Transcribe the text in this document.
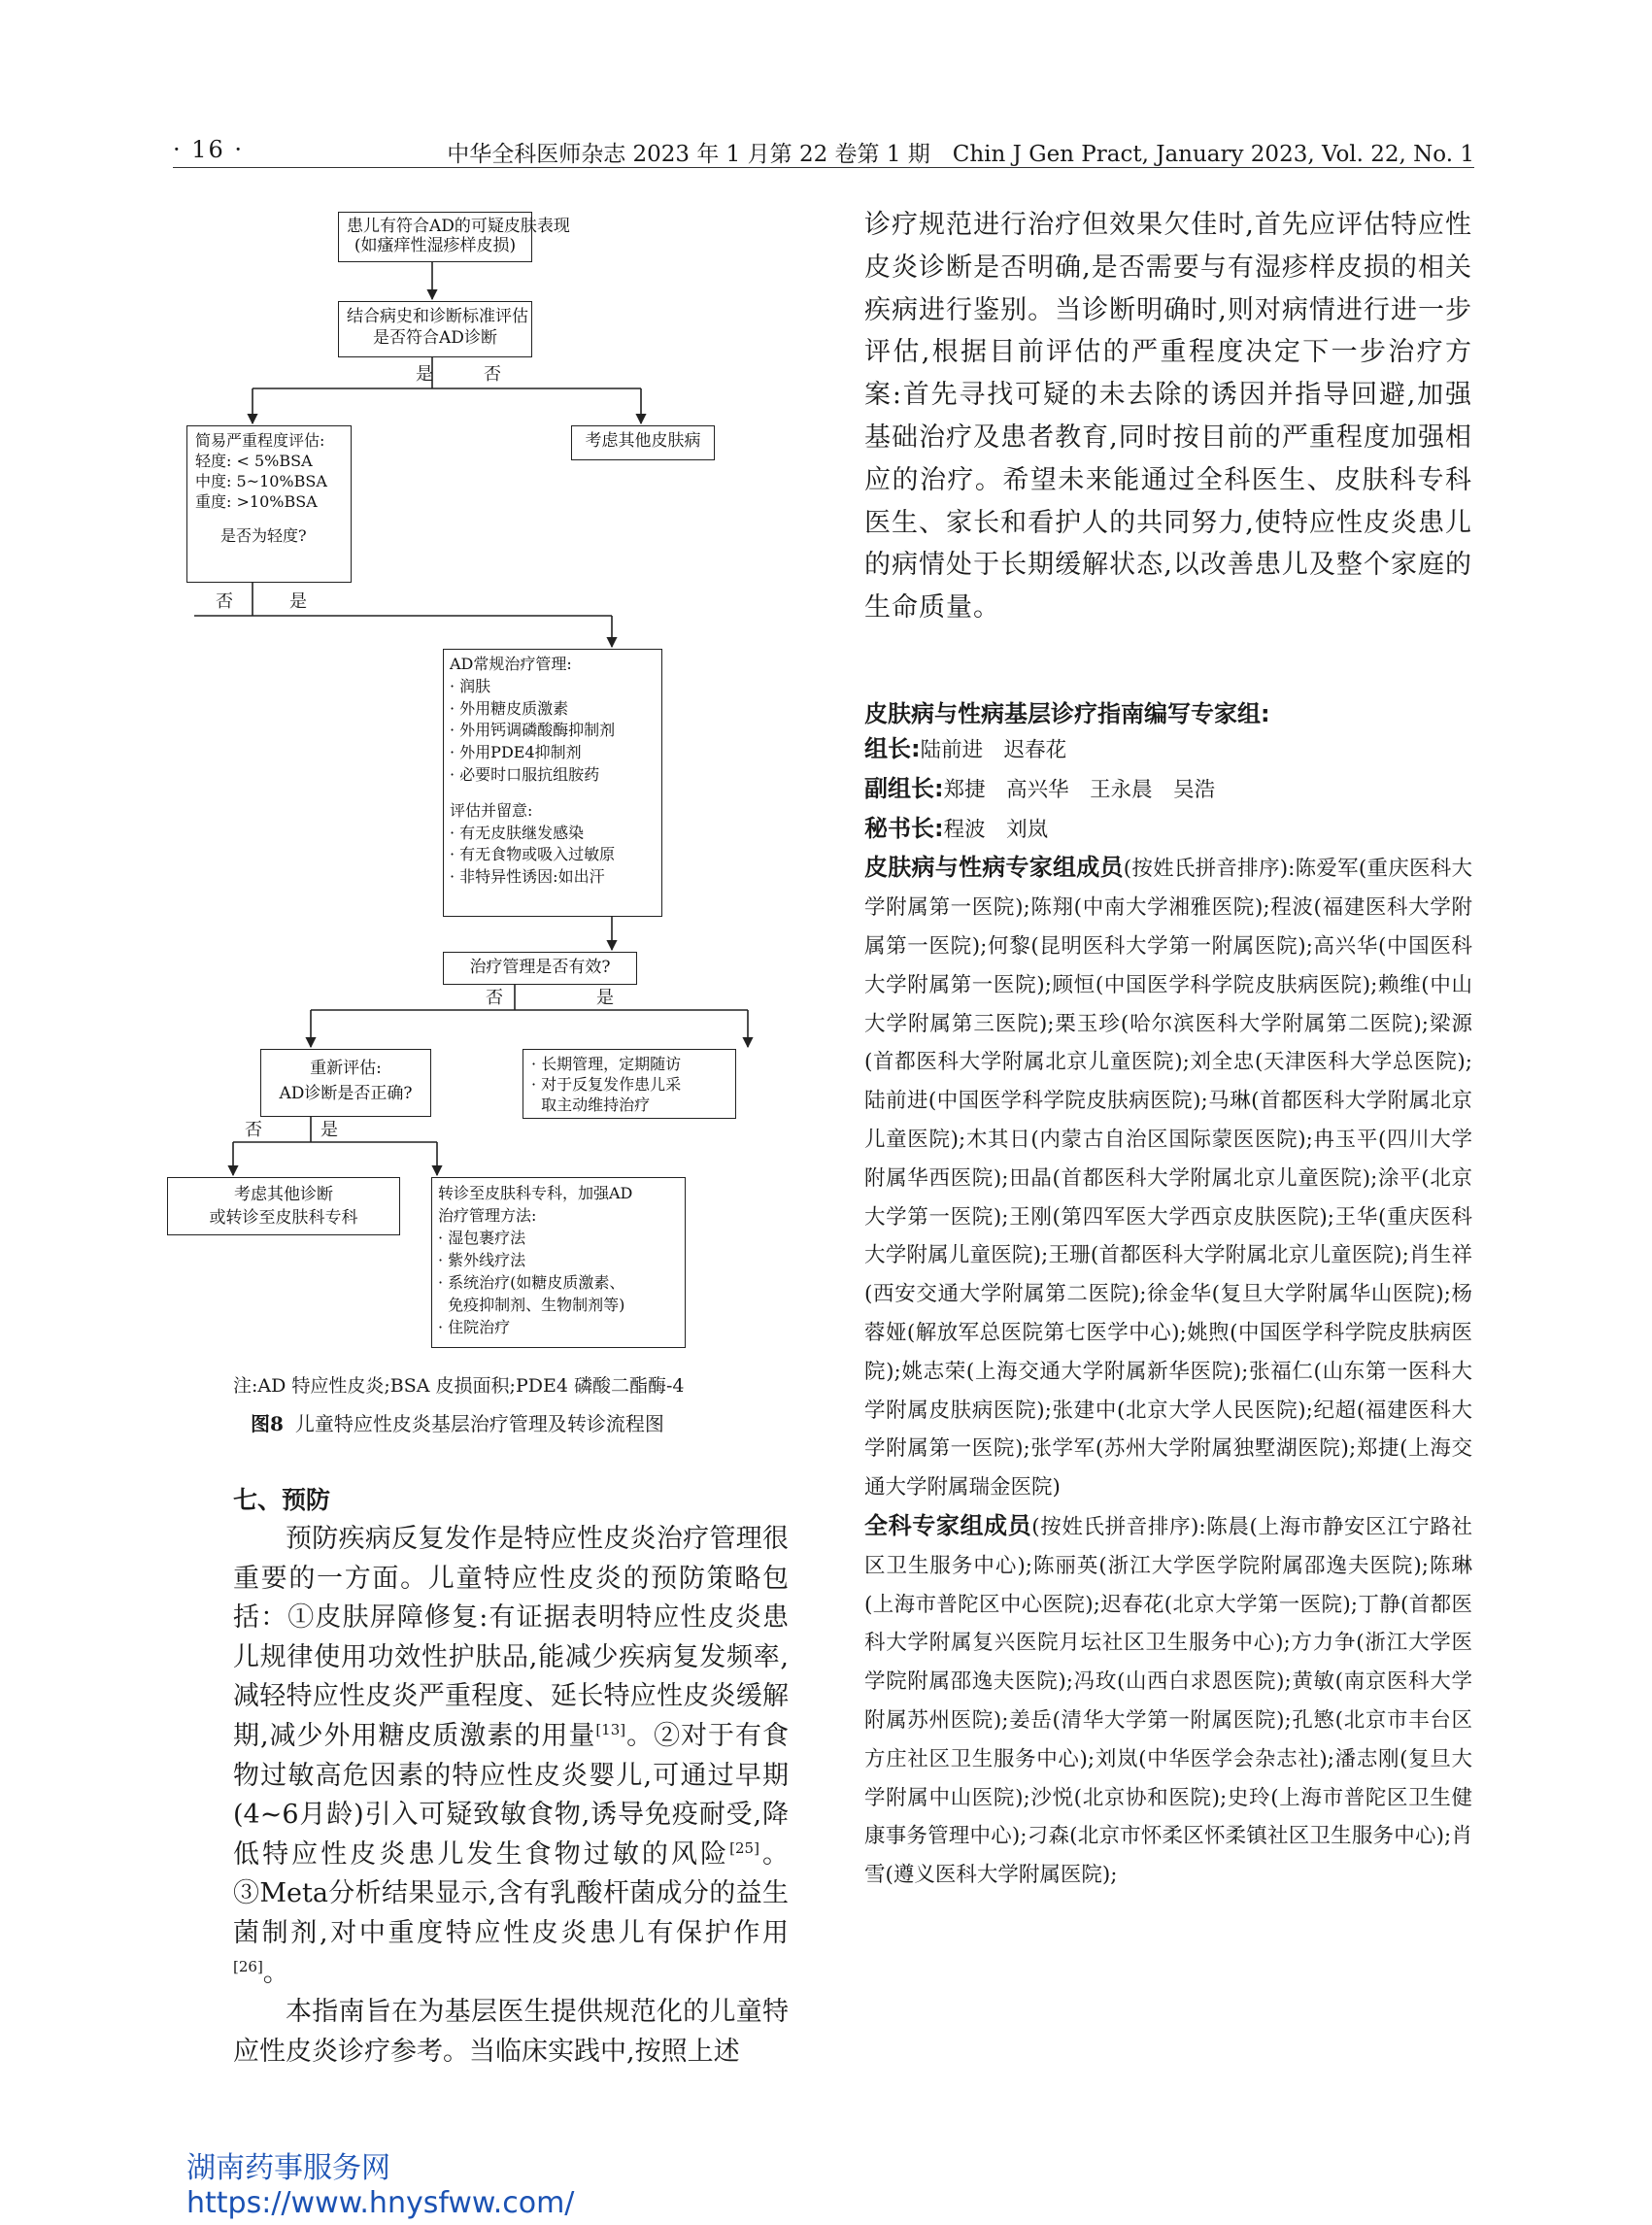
· 16 ·	中华全科医师杂志 2023 年 1 月第 22 卷第 1 期　Chin J Gen Pract, January 2023, Vol. 22, No. 1
患儿有符合AD的可疑皮肤表现
(如瘙痒性湿疹样皮损)
结合病史和诊断标准评估
是否符合AD诊断
是	否
简易严重程度评估:
轻度: < 5%BSA
中度: 5~10%BSA
重度: >10%BSA
是否为轻度?
考虑其他皮肤病
否	是
AD常规治疗管理:
· 润肤
· 外用糖皮质激素
· 外用钙调磷酸酶抑制剂
· 外用PDE4抑制剂
· 必要时口服抗组胺药
评估并留意:
· 有无皮肤继发感染
· 有无食物或吸入过敏原
· 非特异性诱因:如出汗
治疗管理是否有效?
否	是
重新评估:
AD诊断是否正确?
· 长期管理，定期随访
· 对于反复发作患儿采
取主动维持治疗
否	是
考虑其他诊断
或转诊至皮肤科专科
转诊至皮肤科专科，加强AD
治疗管理方法:
· 湿包裹疗法
· 紫外线疗法
· 系统治疗(如糖皮质激素、
免疫抑制剂、生物制剂等)
· 住院治疗
注:AD 特应性皮炎;BSA 皮损面积;PDE4 磷酸二酯酶-4
图8 儿童特应性皮炎基层治疗管理及转诊流程图
七、预防

预防疾病反复发作是特应性皮炎治疗管理很重要的一方面。儿童特应性皮炎的预防策略包括：①皮肤屏障修复:有证据表明特应性皮炎患儿规律使用功效性护肤品,能减少疾病复发频率,减轻特应性皮炎严重程度、延长特应性皮炎缓解期,减少外用糖皮质激素的用量[13]。②对于有食物过敏高危因素的特应性皮炎婴儿,可通过早期(4~6月龄)引入可疑致敏食物,诱导免疫耐受,降低特应性皮炎患儿发生食物过敏的风险[25]。③Meta分析结果显示,含有乳酸杆菌成分的益生菌制剂,对中重度特应性皮炎患儿有保护作用[26]。

本指南旨在为基层医生提供规范化的儿童特应性皮炎诊疗参考。当临床实践中,按照上述

诊疗规范进行治疗但效果欠佳时,首先应评估特应性皮炎诊断是否明确,是否需要与有湿疹样皮损的相关疾病进行鉴别。当诊断明确时,则对病情进行进一步评估,根据目前评估的严重程度决定下一步治疗方案:首先寻找可疑的未去除的诱因并指导回避,加强基础治疗及患者教育,同时按目前的严重程度加强相应的治疗。希望未来能通过全科医生、皮肤科专科医生、家长和看护人的共同努力,使特应性皮炎患儿的病情处于长期缓解状态,以改善患儿及整个家庭的生命质量。

皮肤病与性病基层诊疗指南编写专家组:

组长:陆前进　迟春花

副组长:郑捷　高兴华　王永晨　吴浩

秘书长:程波　刘岚

皮肤病与性病专家组成员(按姓氏拼音排序):陈爱军(重庆医科大学附属第一医院);陈翔(中南大学湘雅医院);程波(福建医科大学附属第一医院);何黎(昆明医科大学第一附属医院);高兴华(中国医科大学附属第一医院);顾恒(中国医学科学院皮肤病医院);赖维(中山大学附属第三医院);栗玉珍(哈尔滨医科大学附属第二医院);梁源(首都医科大学附属北京儿童医院);刘全忠(天津医科大学总医院);陆前进(中国医学科学院皮肤病医院);马琳(首都医科大学附属北京儿童医院);木其日(内蒙古自治区国际蒙医医院);冉玉平(四川大学附属华西医院);田晶(首都医科大学附属北京儿童医院);涂平(北京大学第一医院);王刚(第四军医大学西京皮肤医院);王华(重庆医科大学附属儿童医院);王珊(首都医科大学附属北京儿童医院);肖生祥(西安交通大学附属第二医院);徐金华(复旦大学附属华山医院);杨蓉娅(解放军总医院第七医学中心);姚煦(中国医学科学院皮肤病医院);姚志荣(上海交通大学附属新华医院);张福仁(山东第一医科大学附属皮肤病医院);张建中(北京大学人民医院);纪超(福建医科大学附属第一医院);张学军(苏州大学附属独墅湖医院);郑捷(上海交通大学附属瑞金医院)

全科专家组成员(按姓氏拼音排序):陈晨(上海市静安区江宁路社区卫生服务中心);陈丽英(浙江大学医学院附属邵逸夫医院);陈琳(上海市普陀区中心医院);迟春花(北京大学第一医院);丁静(首都医科大学附属复兴医院月坛社区卫生服务中心);方力争(浙江大学医学院附属邵逸夫医院);冯玫(山西白求恩医院);黄敏(南京医科大学附属苏州医院);姜岳(清华大学第一附属医院);孔慜(北京市丰台区方庄社区卫生服务中心);刘岚(中华医学会杂志社);潘志刚(复旦大学附属中山医院);沙悦(北京协和医院);史玲(上海市普陀区卫生健康事务管理中心);刁森(北京市怀柔区怀柔镇社区卫生服务中心);肖雪(遵义医科大学附属医院);

湖南药事服务网
https://www.hnysfww.com/
